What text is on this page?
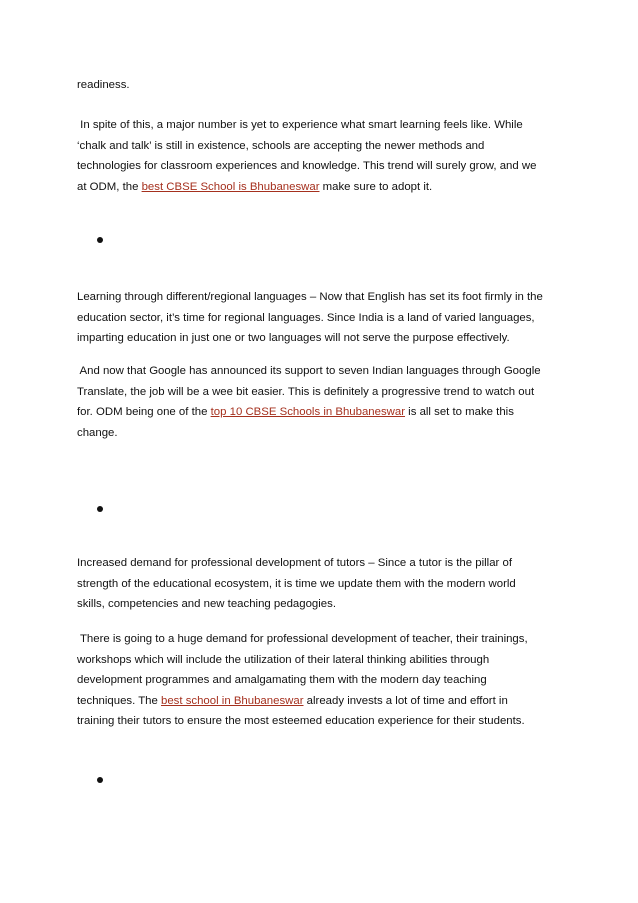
readiness.
In spite of this, a major number is yet to experience what smart learning feels like. While
‘chalk and talk’ is still in existence, schools are accepting the newer methods and
technologies for classroom experiences and knowledge. This trend will surely grow, and we
at ODM, the best CBSE School is Bhubaneswar make sure to adopt it.
Learning through different/regional languages – Now that English has set its foot firmly in the
education sector, it’s time for regional languages. Since India is a land of varied languages,
imparting education in just one or two languages will not serve the purpose effectively.
And now that Google has announced its support to seven Indian languages through Google
Translate, the job will be a wee bit easier. This is definitely a progressive trend to watch out
for. ODM being one of the top 10 CBSE Schools in Bhubaneswar is all set to make this
change.
Increased demand for professional development of tutors – Since a tutor is the pillar of
strength of the educational ecosystem, it is time we update them with the modern world
skills, competencies and new teaching pedagogies.
There is going to a huge demand for professional development of teacher, their trainings,
workshops which will include the utilization of their lateral thinking abilities through
development programmes and amalgamating them with the modern day teaching
techniques. The best school in Bhubaneswar already invests a lot of time and effort in
training their tutors to ensure the most esteemed education experience for their students.
